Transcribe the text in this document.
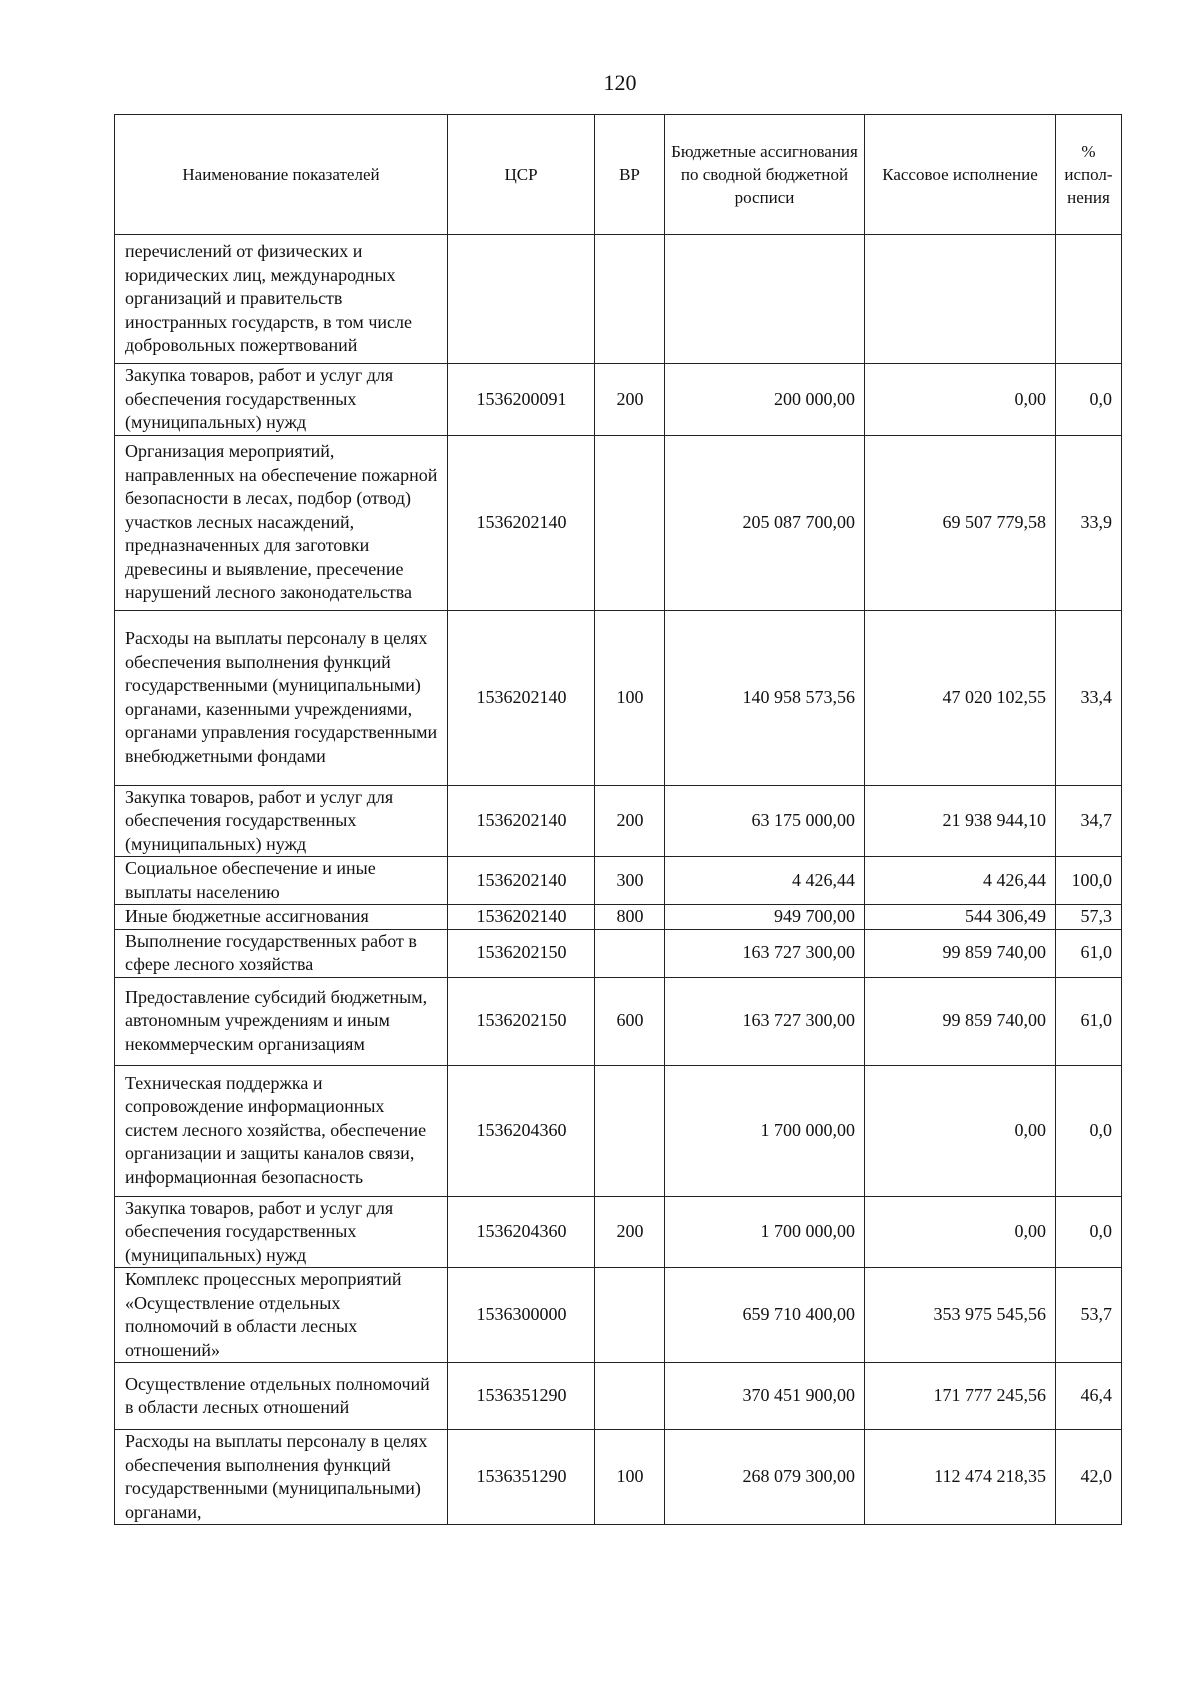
120
Наименование показателей	ЦСР	ВР	Бюджетные ассигнования по сводной бюджетной росписи	Кассовое исполнение	% испол-нения
перечислений от физических и юридических лиц, международных организаций и правительств иностранных государств, в том числе добровольных пожертвований					
Закупка товаров, работ и услуг для обеспечения государственных (муниципальных) нужд	1536200091	200	200 000,00	0,00	0,0
Организация мероприятий, направленных на обеспечение пожарной безопасности в лесах, подбор (отвод) участков лесных насаждений, предназначенных для заготовки древесины и выявление, пресечение нарушений лесного законодательства	1536202140		205 087 700,00	69 507 779,58	33,9
Расходы на выплаты персоналу в целях обеспечения выполнения функций государственными (муниципальными) органами, казенными учреждениями, органами управления государственными внебюджетными фондами	1536202140	100	140 958 573,56	47 020 102,55	33,4
Закупка товаров, работ и услуг для обеспечения государственных (муниципальных) нужд	1536202140	200	63 175 000,00	21 938 944,10	34,7
Социальное обеспечение и иные выплаты населению	1536202140	300	4 426,44	4 426,44	100,0
Иные бюджетные ассигнования	1536202140	800	949 700,00	544 306,49	57,3
Выполнение государственных работ в сфере лесного хозяйства	1536202150		163 727 300,00	99 859 740,00	61,0
Предоставление субсидий бюджетным, автономным учреждениям и иным некоммерческим организациям	1536202150	600	163 727 300,00	99 859 740,00	61,0
Техническая поддержка и сопровождение информационных систем лесного хозяйства, обеспечение организации и защиты каналов связи, информационная безопасность	1536204360		1 700 000,00	0,00	0,0
Закупка товаров, работ и услуг для обеспечения государственных (муниципальных) нужд	1536204360	200	1 700 000,00	0,00	0,0
Комплекс процессных мероприятий «Осуществление отдельных полномочий в области лесных отношений»	1536300000		659 710 400,00	353 975 545,56	53,7
Осуществление отдельных полномочий в области лесных отношений	1536351290		370 451 900,00	171 777 245,56	46,4
Расходы на выплаты персоналу в целях обеспечения выполнения функций государственными (муниципальными) органами,	1536351290	100	268 079 300,00	112 474 218,35	42,0
